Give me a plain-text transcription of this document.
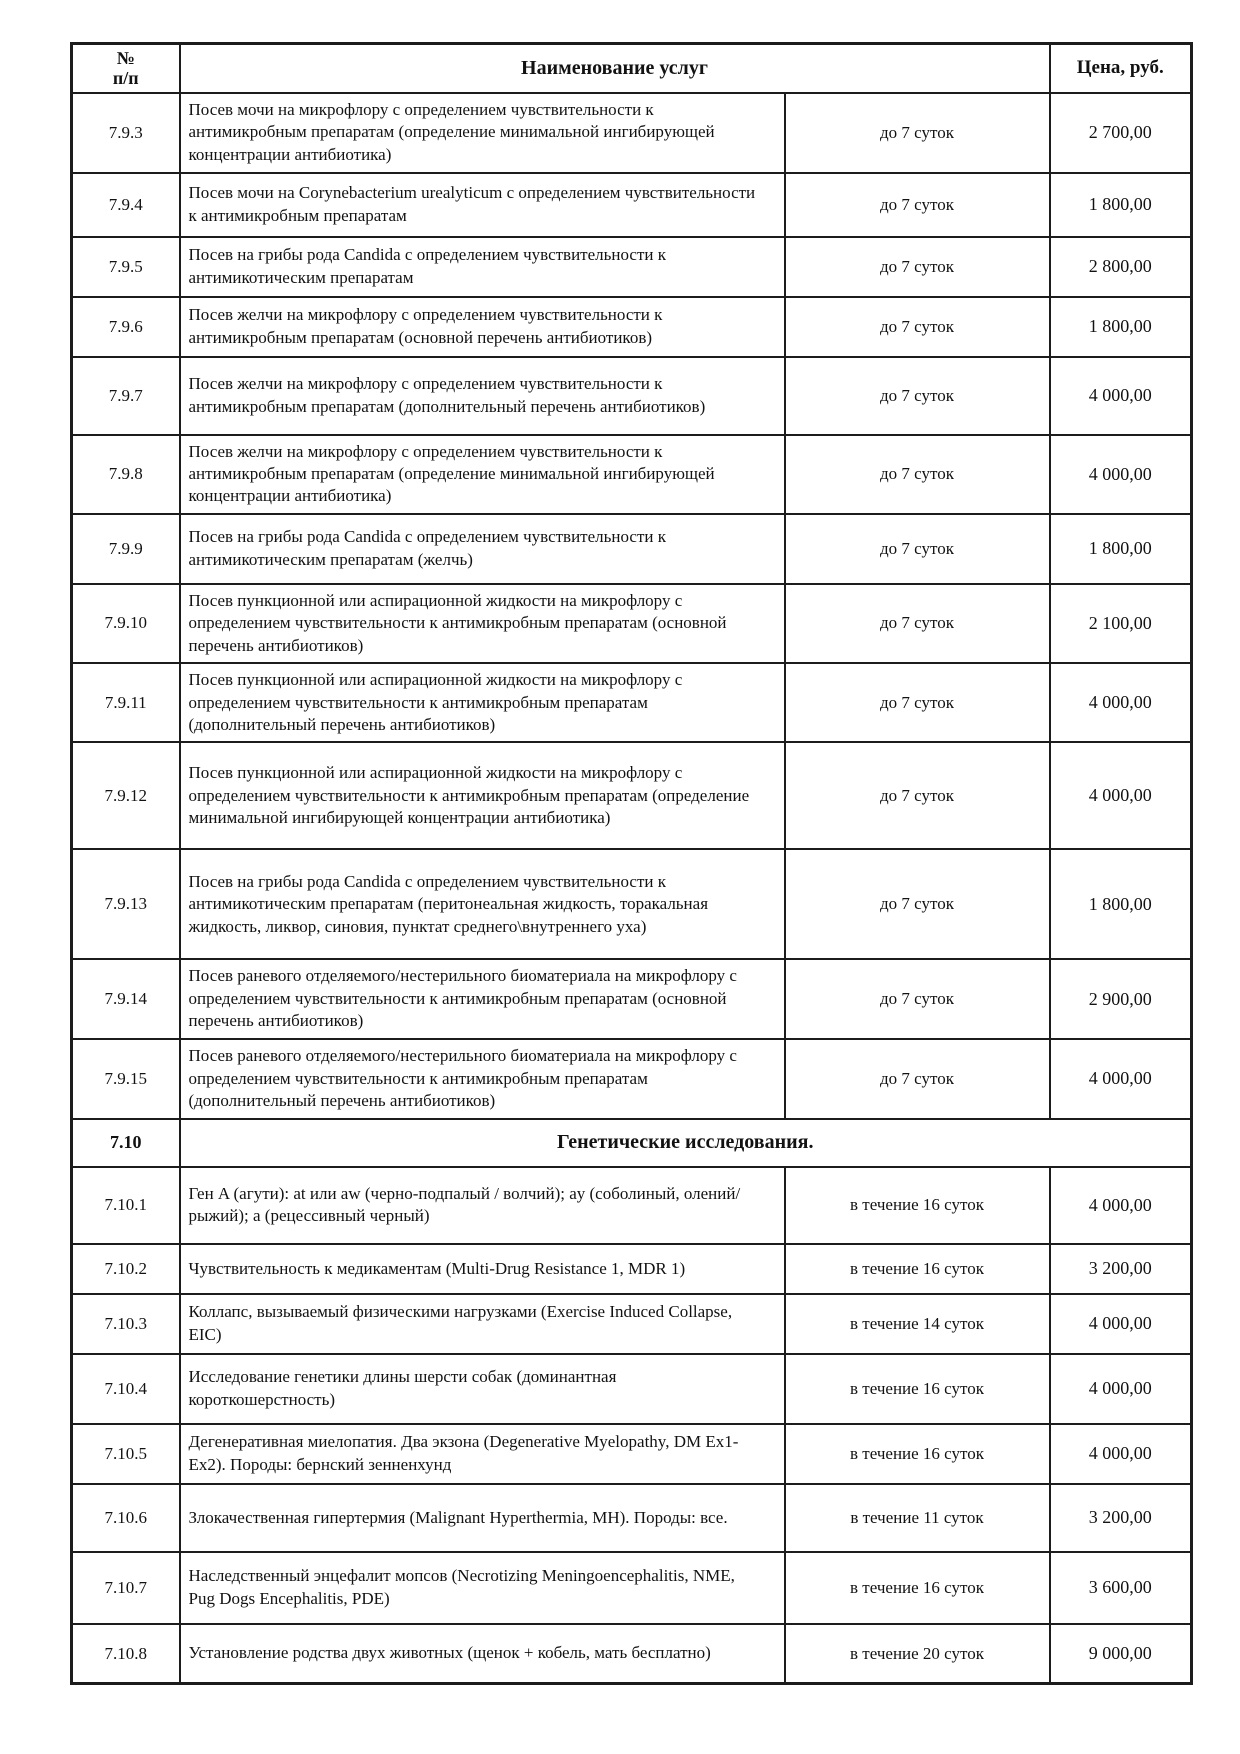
№
п/п	Наименование услуг		Цена, руб.
7.9.3	Посев мочи на микрофлору с определением чувствительности к антимикробным препаратам (определение минимальной ингибирующей концентрации антибиотика)	до 7 суток	2 700,00
7.9.4	Посев мочи на Corynebacterium urealyticum с определением чувствительности к антимикробным препаратам	до 7 суток	1 800,00
7.9.5	Посев на грибы рода Candida с определением чувствительности к антимикотическим препаратам	до 7 суток	2 800,00
7.9.6	Посев желчи на микрофлору с определением чувствительности к антимикробным препаратам (основной перечень антибиотиков)	до 7 суток	1 800,00
7.9.7	Посев желчи на микрофлору с определением чувствительности к антимикробным препаратам (дополнительный перечень антибиотиков)	до 7 суток	4 000,00
7.9.8	Посев желчи на микрофлору с определением чувствительности к антимикробным препаратам (определение минимальной ингибирующей концентрации антибиотика)	до 7 суток	4 000,00
7.9.9	Посев на грибы рода Candida с определением чувствительности к антимикотическим препаратам (желчь)	до 7 суток	1 800,00
7.9.10	Посев пункционной или аспирационной жидкости на микрофлору с определением чувствительности к антимикробным препаратам (основной перечень антибиотиков)	до 7 суток	2 100,00
7.9.11	Посев пункционной или аспирационной жидкости на микрофлору с определением чувствительности к антимикробным препаратам (дополнительный перечень антибиотиков)	до 7 суток	4 000,00
7.9.12	Посев пункционной или аспирационной жидкости на микрофлору с определением чувствительности к антимикробным препаратам (определение минимальной ингибирующей концентрации антибиотика)	до 7 суток	4 000,00
7.9.13	Посев на грибы рода Candida с определением чувствительности к антимикотическим препаратам (перитонеальная жидкость, торакальная жидкость, ликвор, синовия, пунктат среднего\внутреннего уха)	до 7 суток	1 800,00
7.9.14	Посев раневого отделяемого/нестерильного биоматериала на микрофлору с определением чувствительности к антимикробным препаратам (основной перечень антибиотиков)	до 7 суток	2 900,00
7.9.15	Посев раневого отделяемого/нестерильного биоматериала на микрофлору с определением чувствительности к антимикробным препаратам (дополнительный перечень антибиотиков)	до 7 суток	4 000,00
7.10	Генетические исследования.		
7.10.1	Ген A (агути): at или aw (черно-подпалый / волчий); ay (соболиный, олений/рыжий); a (рецессивный черный)	в течение 16 суток	4 000,00
7.10.2	Чувствительность к медикаментам (Multi-Drug Resistance 1, MDR 1)	в течение 16 суток	3 200,00
7.10.3	Коллапс, вызываемый физическими нагрузками (Exercise Induced Collapse, EIC)	в течение 14 суток	4 000,00
7.10.4	Исследование генетики длины шерсти собак (доминантная короткошерстность)	в течение 16 суток	4 000,00
7.10.5	Дегенеративная миелопатия. Два экзона (Degenerative Myelopathy, DM Ex1- Ex2). Породы: бернский зенненхунд	в течение 16 суток	4 000,00
7.10.6	Злокачественная гипертермия (Malignant Hyperthermia, MH). Породы: все.	в течение 11 суток	3 200,00
7.10.7	Наследственный энцефалит мопсов (Necrotizing Meningoencephalitis, NME, Pug Dogs Encephalitis, PDE)	в течение 16 суток	3 600,00
7.10.8	Установление родства двух животных (щенок + кобель, мать бесплатно)	в течение 20 суток	9 000,00
